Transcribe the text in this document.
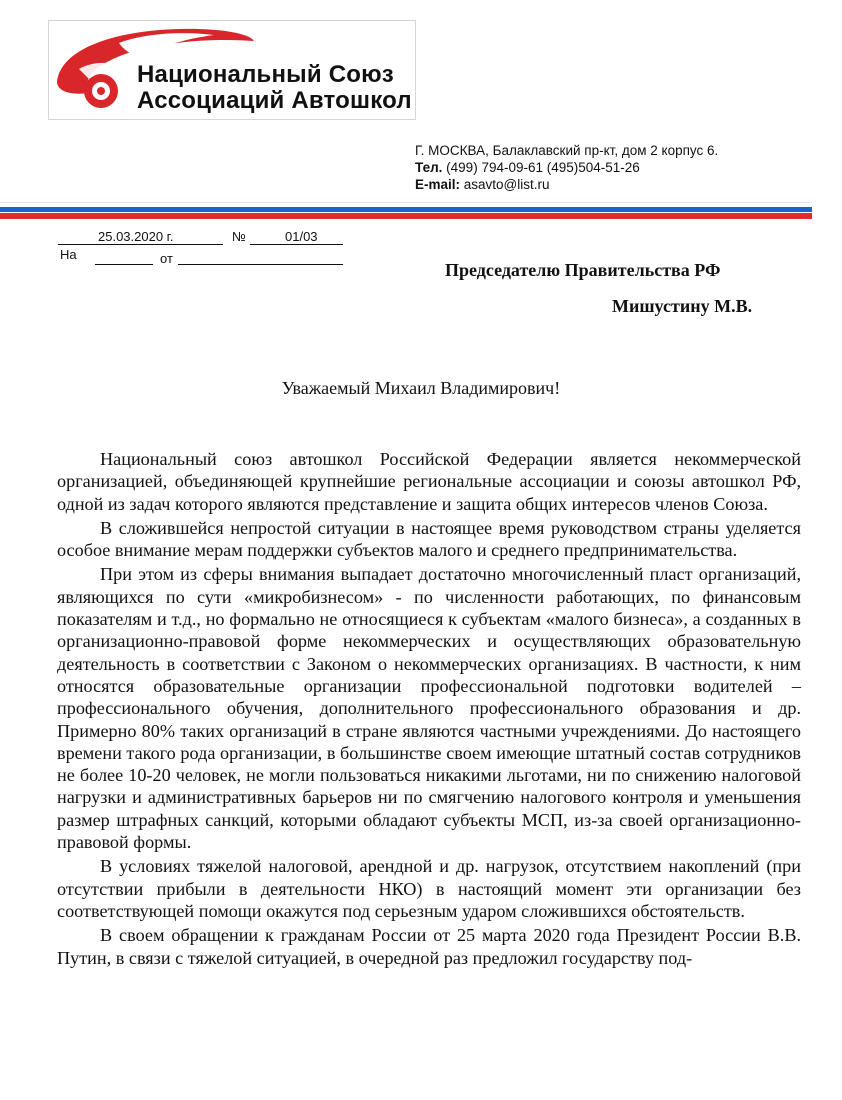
Национальный Союз
Ассоциаций Автошкол
Г. МОСКВА, Балаклавский пр-кт, дом 2 корпус 6.
Тел. (499) 794-09-61 (495)504-51-26
E-mail: asavto@list.ru
25.03.2020 г.	№	01/03
На	от
Председателю Правительства РФ
Мишустину М.В.
Уважаемый Михаил Владимирович!

Национальный союз автошкол Российской Федерации является некоммерческой организацией, объединяющей крупнейшие региональные ассоциации и союзы автошкол РФ, одной из задач которого являются представление и защита общих интересов членов Союза.

В сложившейся непростой ситуации в настоящее время руководством страны уделяется особое внимание мерам поддержки субъектов малого и среднего предпринимательства.

При этом из сферы внимания выпадает достаточно многочисленный пласт организаций, являющихся по сути «микробизнесом» - по численности работающих, по финансовым показателям и т.д., но формально не относящиеся к субъектам «малого бизнеса», а созданных в организационно-правовой форме некоммерческих и осуществляющих образовательную деятельность в соответствии с Законом о некоммерческих организациях. В частности, к ним относятся образовательные организации профессиональной подготовки водителей – профессионального обучения, дополнительного профессионального образования и др. Примерно 80% таких организаций в стране являются частными учреждениями. До настоящего времени такого рода организации, в большинстве своем имеющие штатный состав сотрудников не более 10-20 человек, не могли пользоваться никакими льготами, ни по снижению налоговой нагрузки и административных барьеров ни по смягчению налогового контроля и уменьшения размер штрафных санкций, которыми обладают субъекты МСП, из-за своей организационно-правовой формы.

В условиях тяжелой налоговой, арендной и др. нагрузок, отсутствием накоплений (при отсутствии прибыли в деятельности НКО) в настоящий момент эти организации без соответствующей помощи окажутся под серьезным ударом сложившихся обстоятельств.

В своем обращении к гражданам России от 25 марта 2020 года Президент России В.В. Путин, в связи с тяжелой ситуацией, в очередной раз предложил государству под-
